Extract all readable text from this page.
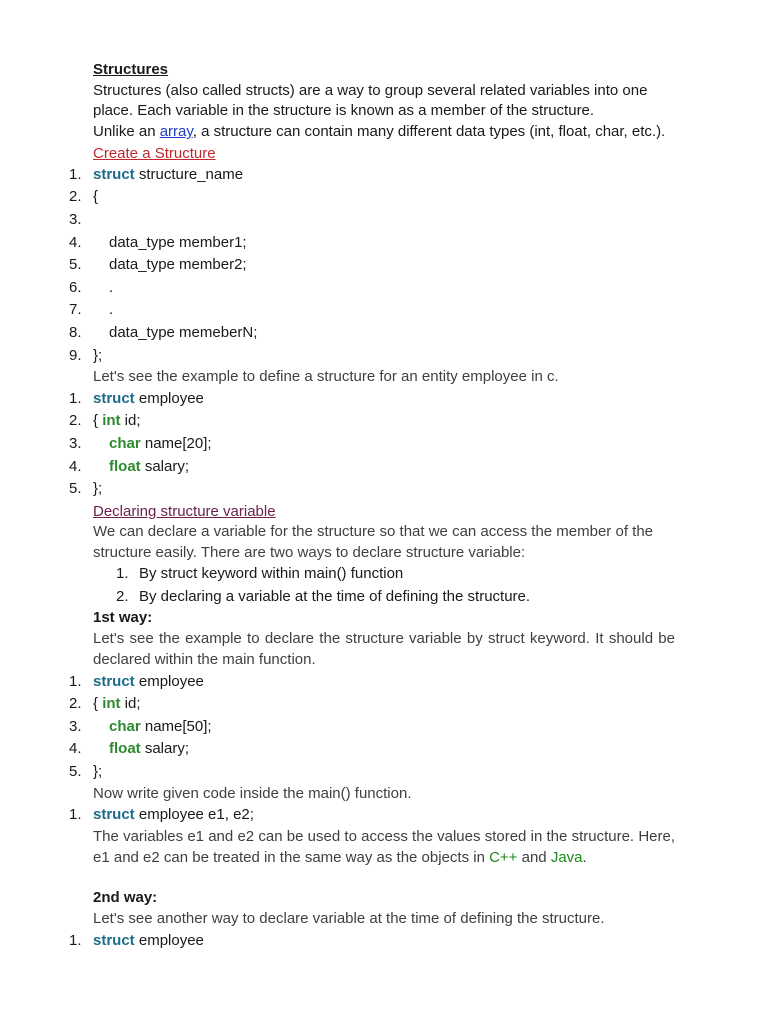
Structures

Structures (also called structs) are a way to group several related variables into one place. Each variable in the structure is known as a member of the structure.

Unlike an array, a structure can contain many different data types (int, float, char, etc.).

Create a Structure
1. struct structure_name
2. {
3.
4.	data_type member1;
5.	data_type member2;
6.	.
7.	.
8.	data_type memeberN;
9. };

Let's see the example to define a structure for an entity employee in c.

1. struct employee
2. { int id;
3.	char name[20];
4.	float salary;
5. };
Declaring structure variable

We can declare a variable for the structure so that we can access the member of the structure easily. There are two ways to declare structure variable:

1. By struct keyword within main() function
2. By declaring a variable at the time of defining the structure.

1st way:

Let's see the example to declare the structure variable by struct keyword. It should be declared within the main function.

1. struct employee
2. { int id;
3.	char name[50];
4.	float salary;
5. };

Now write given code inside the main() function.

1. struct employee e1, e2;

The variables e1 and e2 can be used to access the values stored in the structure. Here, e1 and e2 can be treated in the same way as the objects in C++ and Java.

2nd way:

Let's see another way to declare variable at the time of defining the structure.

1. struct employee
